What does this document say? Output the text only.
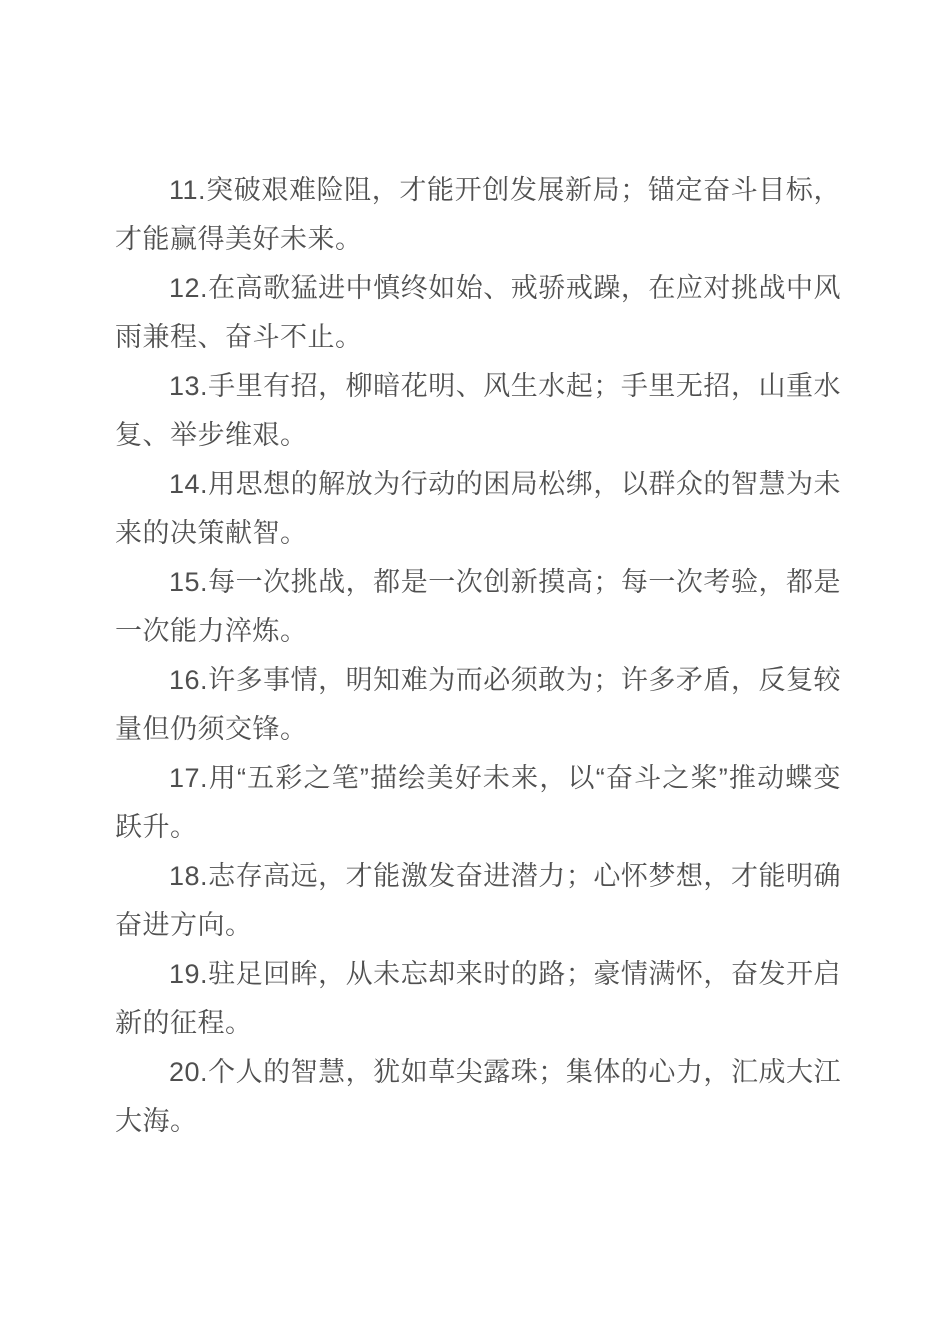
11.突破艰难险阻，才能开创发展新局；锚定奋斗目标，才能赢得美好未来。

12.在高歌猛进中慎终如始、戒骄戒躁，在应对挑战中风雨兼程、奋斗不止。

13.手里有招，柳暗花明、风生水起；手里无招，山重水复、举步维艰。

14.用思想的解放为行动的困局松绑，以群众的智慧为未来的决策献智。

15.每一次挑战，都是一次创新摸高；每一次考验，都是一次能力淬炼。

16.许多事情，明知难为而必须敢为；许多矛盾，反复较量但仍须交锋。

17.用“五彩之笔”描绘美好未来，以“奋斗之桨”推动蝶变跃升。

18.志存高远，才能激发奋进潜力；心怀梦想，才能明确奋进方向。

19.驻足回眸，从未忘却来时的路；豪情满怀，奋发开启新的征程。

20.个人的智慧，犹如草尖露珠；集体的心力，汇成大江大海。
